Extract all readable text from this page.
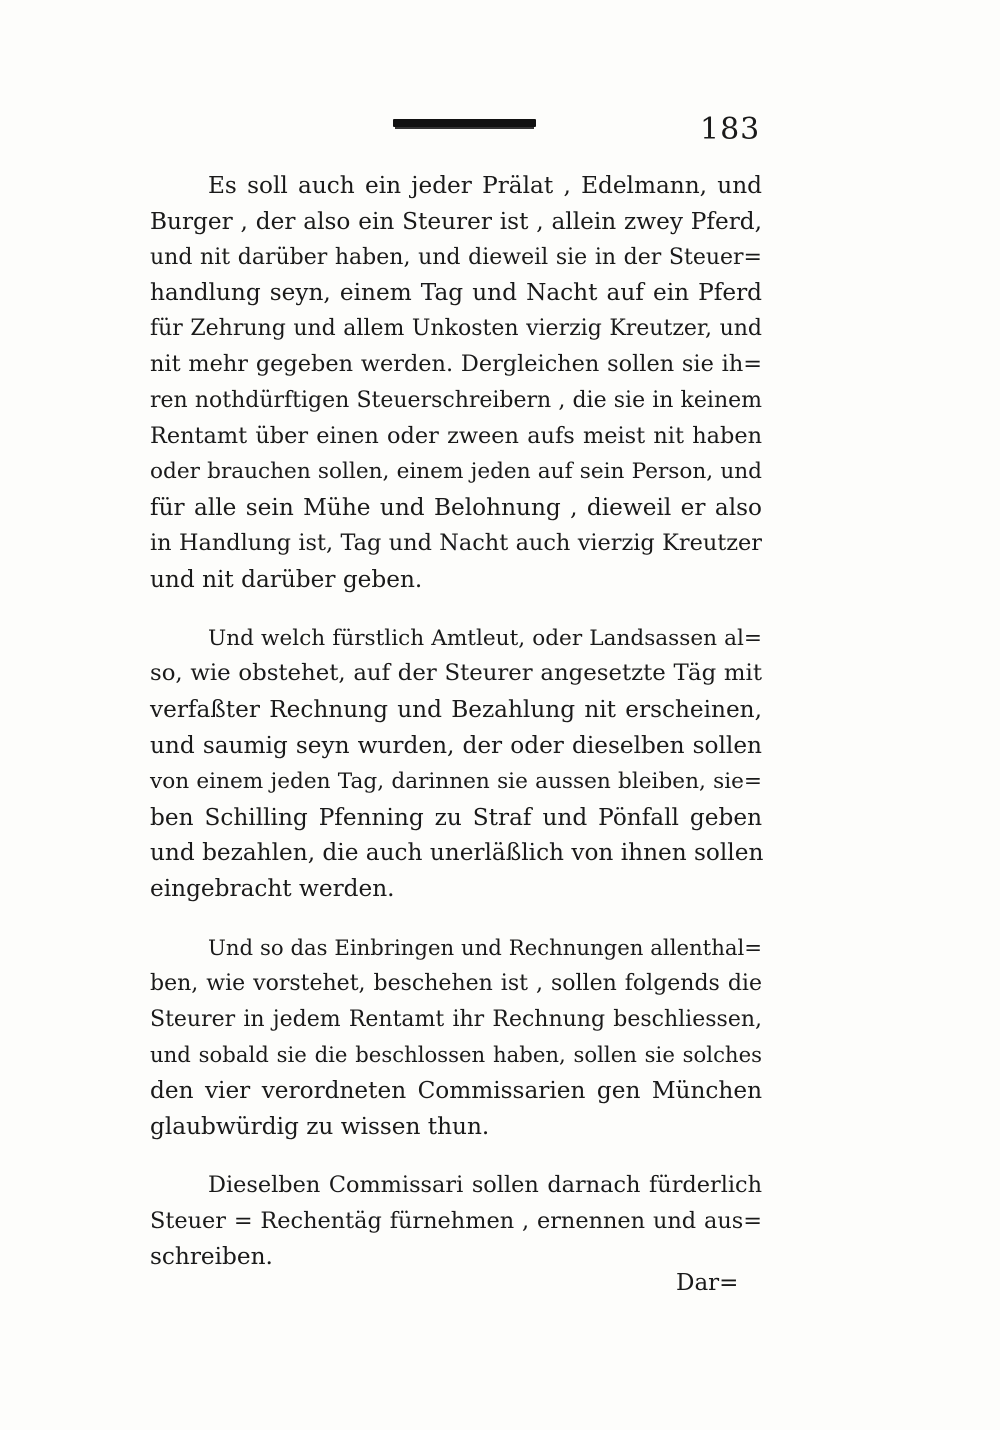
183
Es soll auch ein jeder Prälat , Edelmann, und
Burger , der also ein Steurer ist , allein zwey Pferd,
und nit darüber haben, und dieweil sie in der Steuer=
handlung seyn, einem Tag und Nacht auf ein Pferd
für Zehrung und allem Unkosten vierzig Kreutzer, und
nit mehr gegeben werden. Dergleichen sollen sie ih=
ren nothdürftigen Steuerschreibern , die sie in keinem
Rentamt über einen oder zween aufs meist nit haben
oder brauchen sollen, einem jeden auf sein Person, und
für alle sein Mühe und Belohnung , dieweil er also
in Handlung ist, Tag und Nacht auch vierzig Kreutzer
und nit darüber geben.
Und welch fürstlich Amtleut, oder Landsassen al=
so, wie obstehet, auf der Steurer angesetzte Täg mit
verfaßter Rechnung und Bezahlung nit erscheinen,
und saumig seyn wurden, der oder dieselben sollen
von einem jeden Tag, darinnen sie aussen bleiben, sie=
ben Schilling Pfenning zu Straf und Pönfall geben
und bezahlen, die auch unerläßlich von ihnen sollen
eingebracht werden.
Und so das Einbringen und Rechnungen allenthal=
ben, wie vorstehet, beschehen ist , sollen folgends die
Steurer in jedem Rentamt ihr Rechnung beschliessen,
und sobald sie die beschlossen haben, sollen sie solches
den vier verordneten Commissarien gen München
glaubwürdig zu wissen thun.
Dieselben Commissari sollen darnach fürderlich
Steuer = Rechentäg fürnehmen , ernennen und aus=
schreiben.
Dar=
